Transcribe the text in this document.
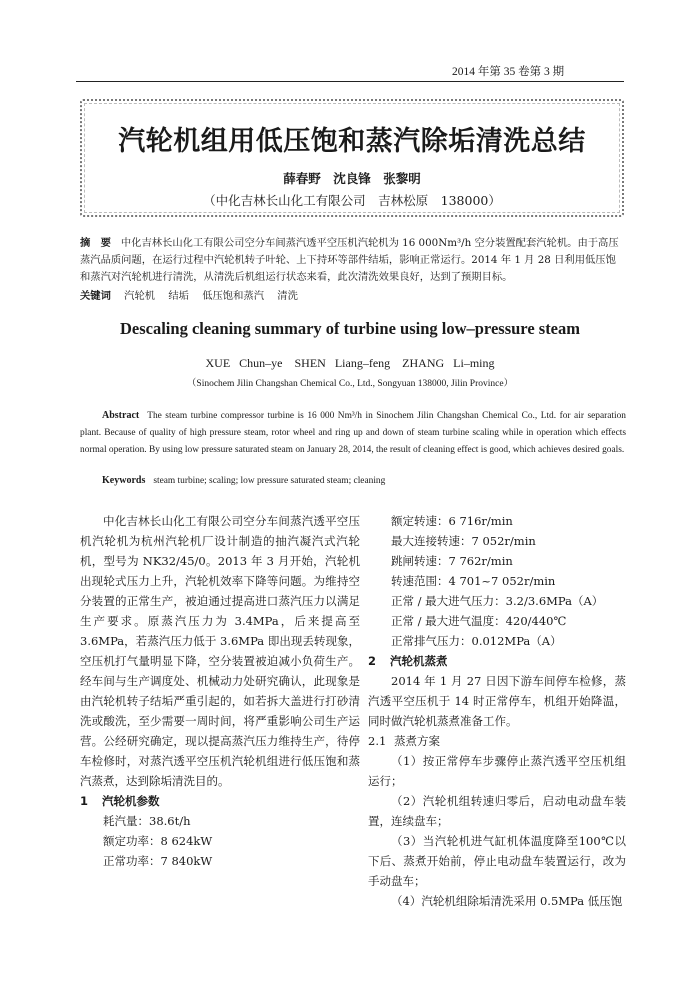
2014 年第 35 卷第 3 期
汽轮机组用低压饱和蒸汽除垢清洗总结
薛春野　沈良锋　张黎明
（中化吉林长山化工有限公司　吉林松原　138000）
摘　要 中化吉林长山化工有限公司空分车间蒸汽透平空压机汽轮机为 16 000Nm³/h 空分装置配套汽轮机。由于高压蒸汽品质问题，在运行过程中汽轮机转子叶轮、上下持环等部件结垢，影响正常运行。2014 年 1 月 28 日利用低压饱和蒸汽对汽轮机进行清洗，从清洗后机组运行状态来看，此次清洗效果良好，达到了预期目标。
关键词 汽轮机 结垢 低压饱和蒸汽 清洗
Descaling cleaning summary of turbine using low–pressure steam
XUE Chun–ye　SHEN Liang–feng　ZHANG Li–ming
（Sinochem Jilin Changshan Chemical Co., Ltd., Songyuan 138000, Jilin Province）
Abstract The steam turbine compressor turbine is 16 000 Nm³/h in Sinochem Jilin Changshan Chemical Co., Ltd. for air separation plant. Because of quality of high pressure steam, rotor wheel and ring up and down of steam turbine scaling while in operation which effects normal operation. By using low pressure saturated steam on January 28, 2014, the result of cleaning effect is good, which achieves desired goals.
Keywords steam turbine; scaling; low pressure saturated steam; cleaning

中化吉林长山化工有限公司空分车间蒸汽透平空压机汽轮机为杭州汽轮机厂设计制造的抽汽凝汽式汽轮机，型号为 NK32/45/0。2013 年 3 月开始，汽轮机出现轮式压力上升，汽轮机效率下降等问题。为维持空分装置的正常生产，被迫通过提高进口蒸汽压力以满足生产要求。原蒸汽压力为 3.4MPa，后来提高至 3.6MPa，若蒸汽压力低于 3.6MPa 即出现丢转现象，空压机打气量明显下降，空分装置被迫减小负荷生产。经车间与生产调度处、机械动力处研究确认，此现象是由汽轮机转子结垢严重引起的，如若拆大盖进行打砂清洗或酸洗，至少需要一周时间，将严重影响公司生产运营。公经研究确定，现以提高蒸汽压力维持生产，待停车检修时，对蒸汽透平空压机汽轮机组进行低压饱和蒸汽蒸煮，达到除垢清洗目的。

1 汽轮机参数

耗汽量：38.6t/h

额定功率：8 624kW

正常功率：7 840kW

额定转速：6 716r/min

最大连接转速：7 052r/min

跳闸转速：7 762r/min

转速范围：4 701~7 052r/min

正常 / 最大进气压力：3.2/3.6MPa（A）

正常 / 最大进气温度：420/440℃

正常排气压力：0.012MPa（A）

2 汽轮机蒸煮

2014 年 1 月 27 日因下游车间停车检修，蒸汽透平空压机于 14 时正常停车，机组开始降温，同时做汽轮机蒸煮准备工作。

2.1 蒸煮方案

（1）按正常停车步骤停止蒸汽透平空压机组运行；

（2）汽轮机组转速归零后，启动电动盘车装置，连续盘车；

（3）当汽轮机进气缸机体温度降至100℃以下后、蒸煮开始前，停止电动盘车装置运行，改为手动盘车；

（4）汽轮机组除垢清洗采用 0.5MPa 低压饱
